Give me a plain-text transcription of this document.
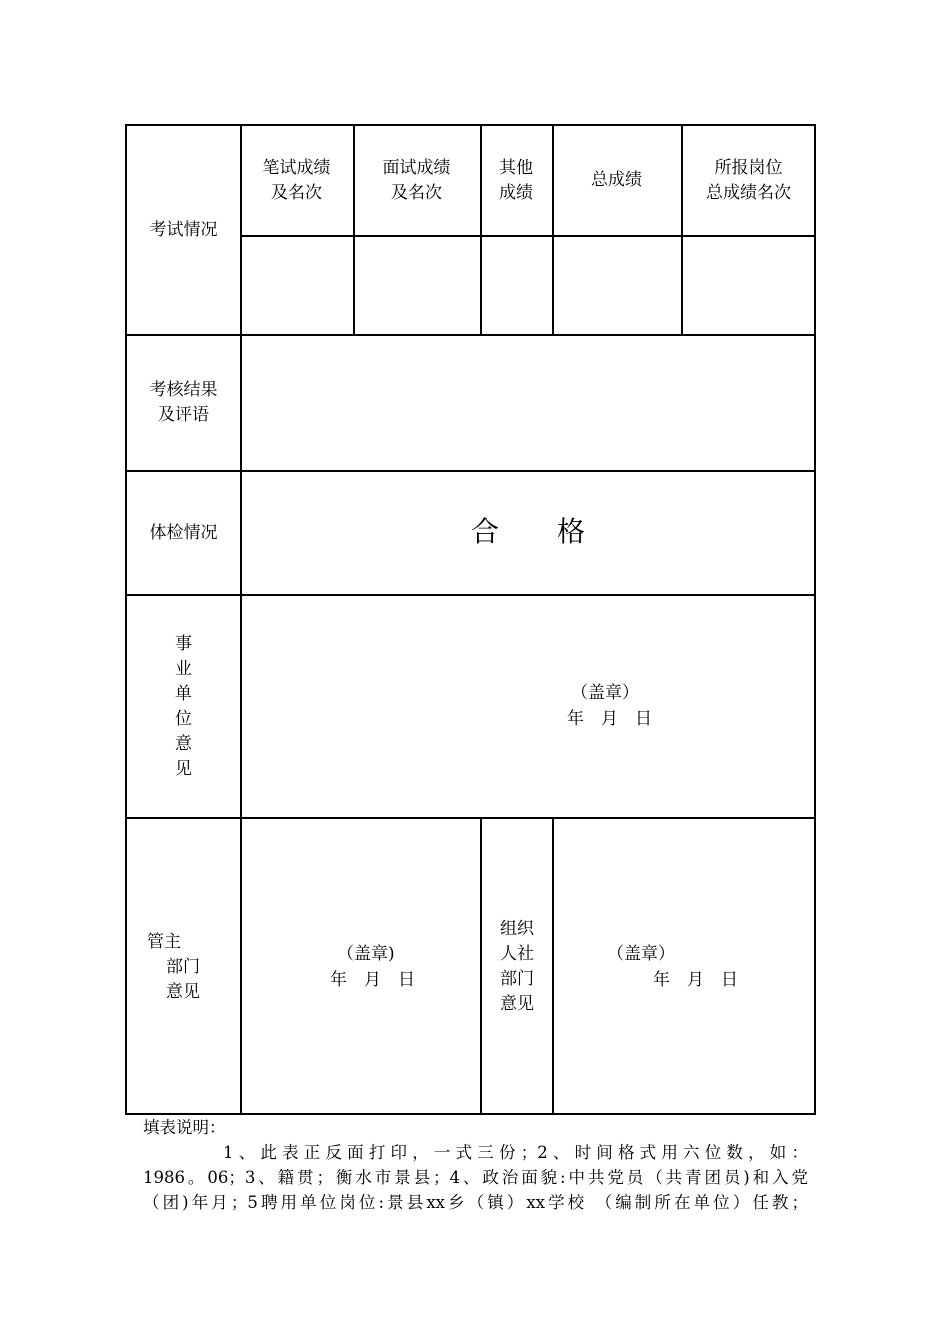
考试情况
笔试成绩
及名次
面试成绩
及名次
其他
成绩
总成绩
所报岗位
总成绩名次
考核结果
及评语
体检情况	合 格
事
业
单
位
意
见
（盖章）
年　月　日
管主
部门
意见
（盖章)
年　月　日
组织
人社
部门
意见
（盖章）
年　月　日

填表说明：

1、此表正反面打印，一式三份；2、时间格式用六位数，如：

1986。06；3、籍贯；衡水市景县；4、政治面貌:中共党员（共青团员)和入党

（团)年月；5聘用单位岗位:景县xx乡（镇）xx学校 （编制所在单位）任教；
